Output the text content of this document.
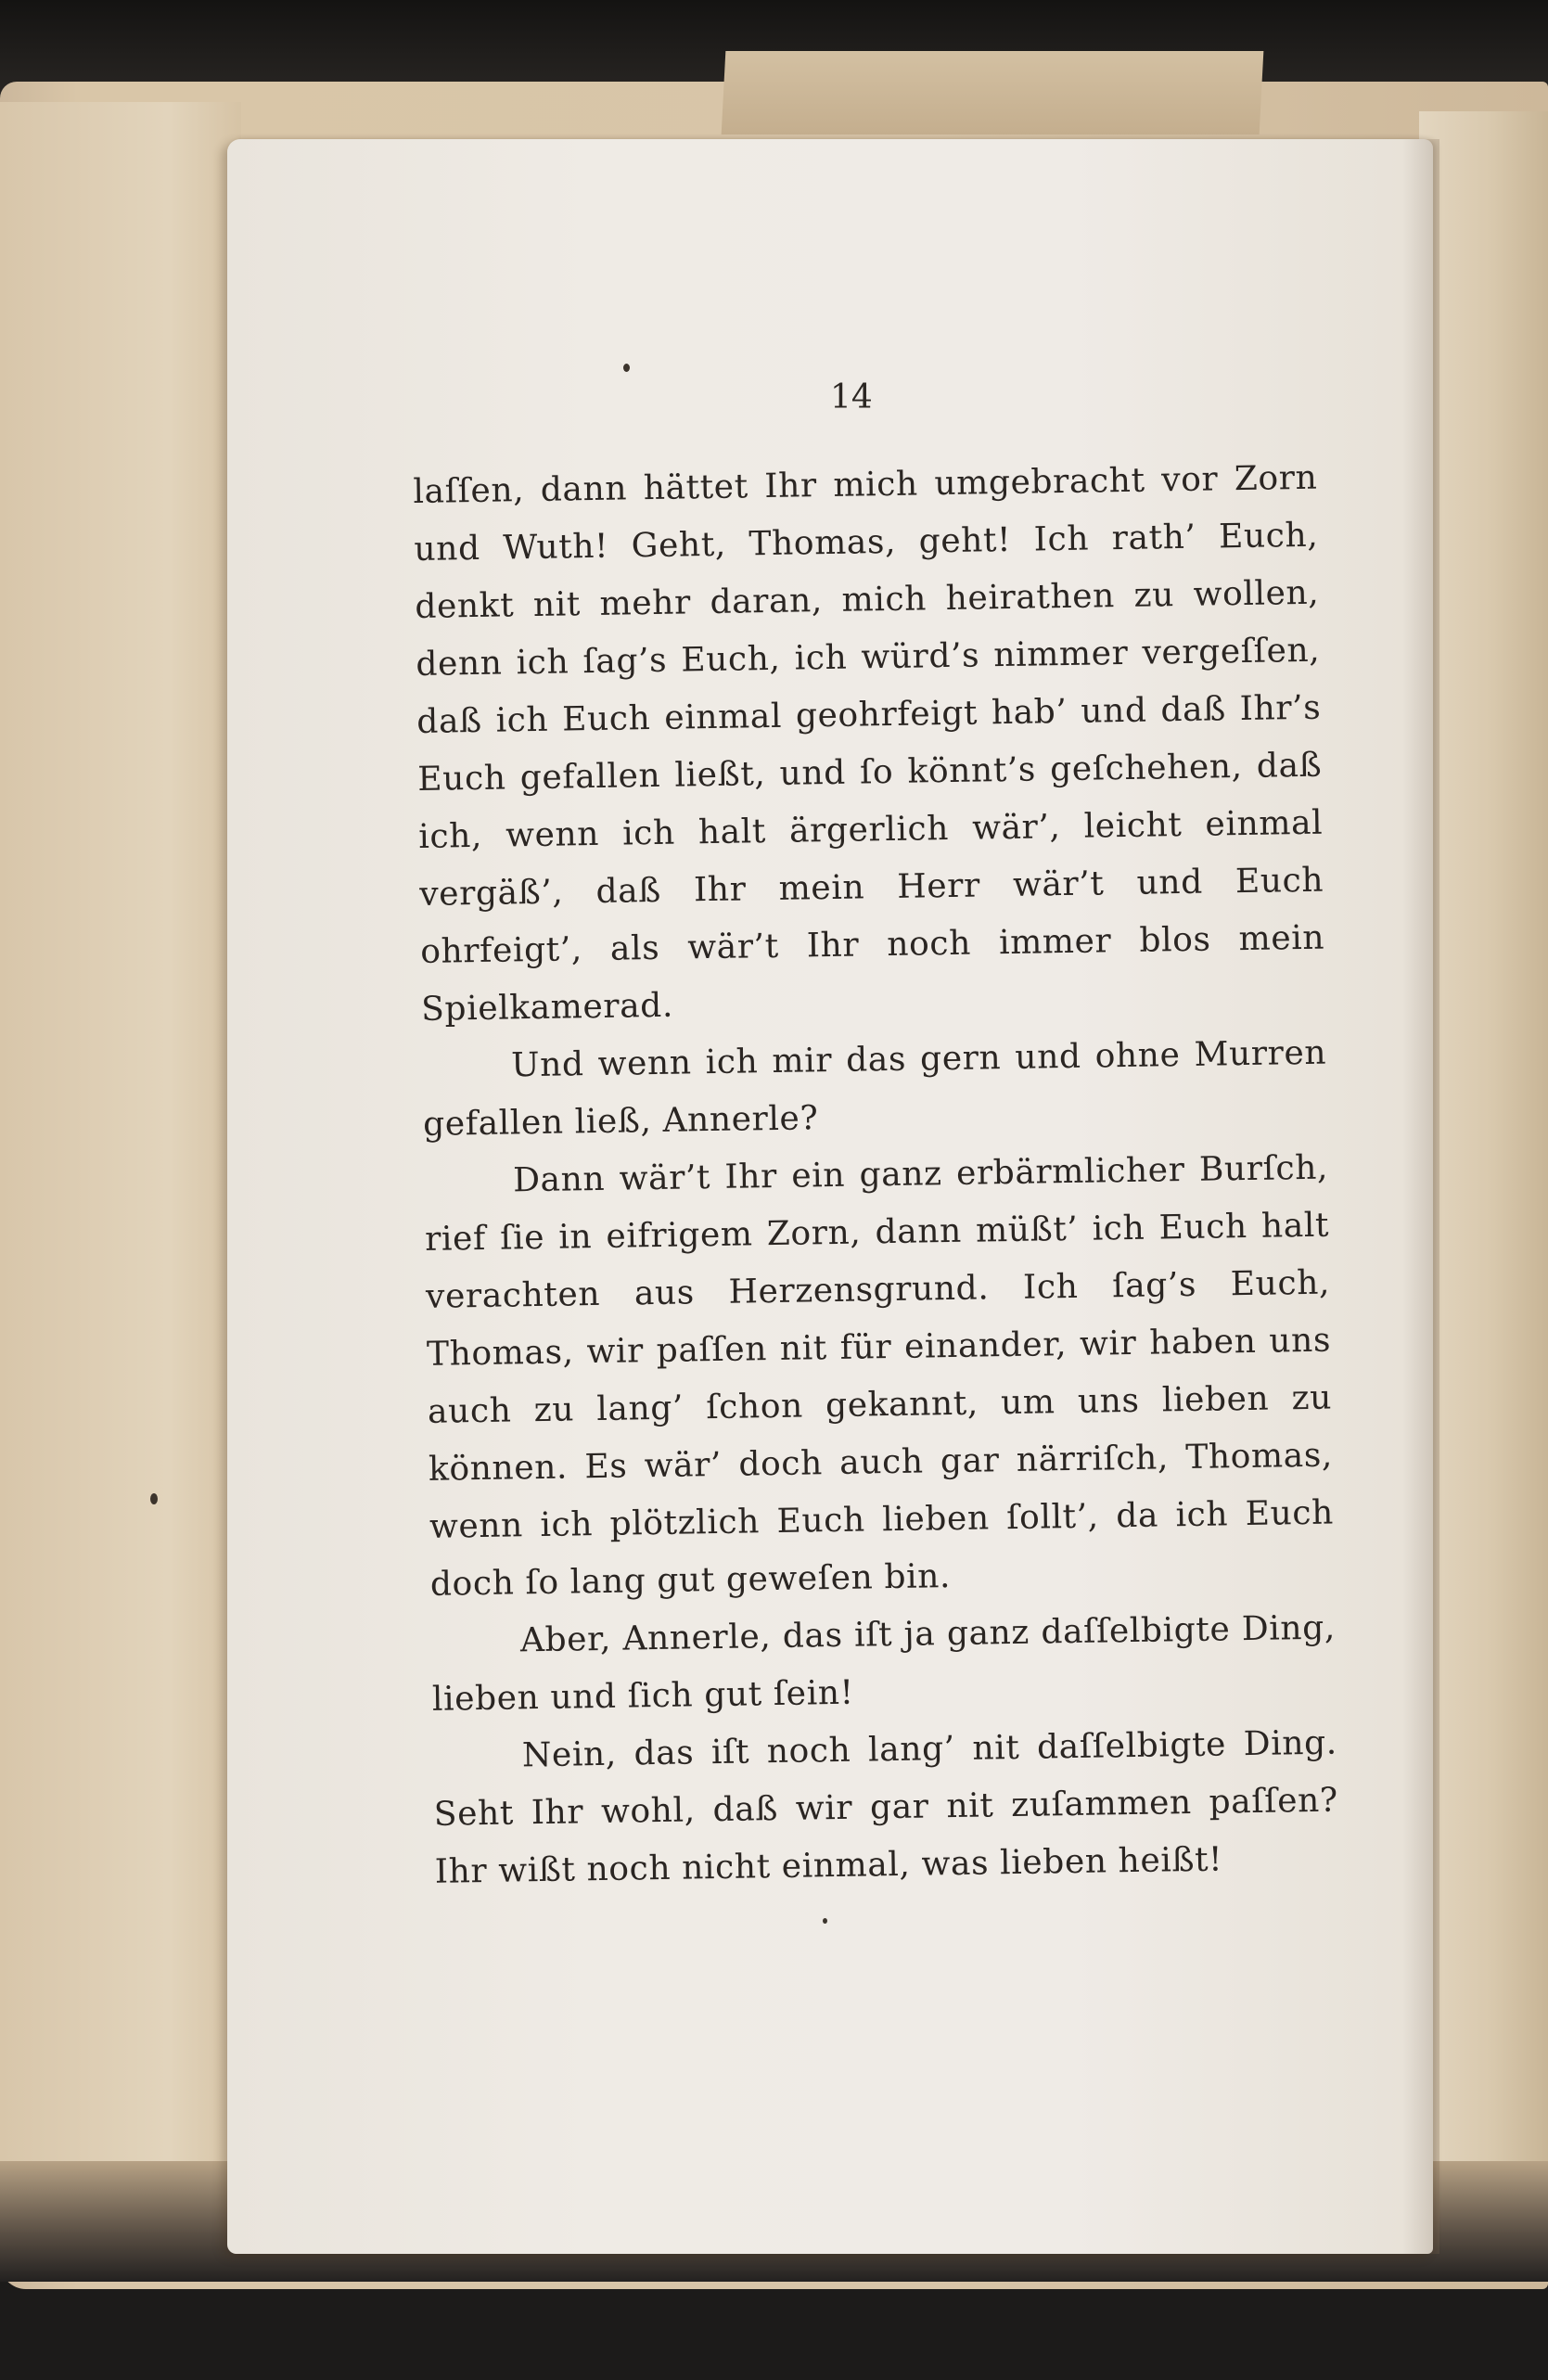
14

laſſen, dann hättet Ihr mich umgebracht vor Zorn und Wuth! Geht, Thomas, geht! Ich rath’ Euch, denkt nit mehr daran, mich heirathen zu wollen, denn ich ſag’s Euch, ich würd’s nimmer vergeſſen, daß ich Euch einmal geohrfeigt hab’ und daß Ihr’s Euch gefallen ließt, und ſo könnt’s geſchehen, daß ich, wenn ich halt ärgerlich wär’, leicht einmal vergäß’, daß Ihr mein Herr wär’t und Euch ohrfeigt’, als wär’t Ihr noch immer blos mein Spielkamerad.

Und wenn ich mir das gern und ohne Murren gefallen ließ, Annerle?

Dann wär’t Ihr ein ganz erbärmlicher Burſch, rief ſie in eifrigem Zorn, dann müßt’ ich Euch halt verachten aus Herzensgrund. Ich ſag’s Euch, Thomas, wir paſſen nit für einander, wir haben uns auch zu lang’ ſchon gekannt, um uns lieben zu können. Es wär’ doch auch gar närriſch, Thomas, wenn ich plötzlich Euch lieben ſollt’, da ich Euch doch ſo lang gut geweſen bin.

Aber, Annerle, das iſt ja ganz daſſelbigte Ding, lieben und ſich gut ſein!

Nein, das iſt noch lang’ nit daſſelbigte Ding. Seht Ihr wohl, daß wir gar nit zuſammen paſſen? Ihr wißt noch nicht einmal, was lieben heißt!
